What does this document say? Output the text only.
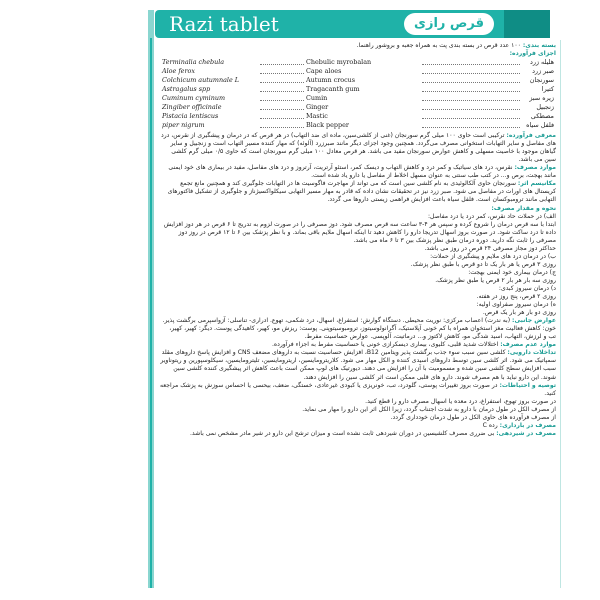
Razi tablet	قرص رازی

بسته بندی: ۱۰۰ عدد قرص در بسته بندی پت به همراه جعبه و بروشور راهنما.

اجزای فرآورده:

Terminalia chebula	Chebulic myrobalan	هلیله زرد
Aloe ferox	Cape aloes	صبر زرد
Colchicum autumnale L	Autumn crocus	سورنجان
Astragalus spp	Tragacanth gum	کتیرا
Cuminum cyminum	Cumin	زیره سبز
Zingiber officinale	Ginger	زنجبیل
Pistacia lentiscus	Mastic	مصطکی
piper nigrum	Black pepper	فلفل سیاه

معرفی فرآورده: ترکیبی است حاوی ۱۰۰ میلی گرم سورنجان (غنی از کلشی‌سین، ماده ای ضد التهاب) در هر قرص که در درمان و پیشگیری از نقرس، درد های مفاصل و سایر التهابات استخوانی مصرف می‌گردد. همچنین وجود اجزای دیگر مانند صبرزرد (آلوئه) که مهار کننده مسیر التهاب است و زنجبیل و سایر گیاهان موجود با خاصیت مسهلی و کاهش عوارض سورنجان مفید می باشد. هر قرص معادل ۱۰۰ میلی گرم سورنجان است که حاوی ۰/۵ میلی گرم کلشی سین می باشد.

موارد مصرف: نقرس، درد های سیاتیک و کمر درد و کاهش التهاب و دیسک کمر، استئو آرتریت، آرتروز و درد های مفاصل، مفید در بیماری های خود ایمنی مانند بهجت، برص و... در کتب طب سنتی به عنوان مسهل اخلاط از مفاصل یا دارو یاد شده است.

مکانیسم اثر: سورنجان حاوی آلکالوئیدی به نام کلشی سین است که می تواند از مهاجرت فاگوسیت ها در التهابات جلوگیری کند و همچنین مانع تجمع کریستال های اورات در مفاصل می شود. صبر زرد نیز در تحقیقات نشان داده که قادر به مهار مسیر التهابی سیکلواکسیژناز و جلوگیری از تشکیل فاکتورهای التهابی مانند ترومبوکسان است. فلفل سیاه باعث افزایش فراهمی زیستی داروها می گردد.

نحوه و مقدار مصرف:

الف) در حملات حاد نقرس، کمر درد یا درد مفاصل:

ابتدا با سه قرص درمان را شروع کرده و سپس هر ۴-۳ ساعت سه قرص مصرف شود. دوز مصرفی را در صورت لزوم به تدریج تا ۶ قرص در هر دوز افزایش داده تا درد ساکت شود. در صورت بروز اسهال تدریجا دارو را کاهش دهید تا اینکه اسهال ملایم باقی بماند. و با نظر پزشک بین ۶ تا ۱۲ قرص در روز دوز مصرفی را ثابت نگه دارید. دوره درمان طبق نظر پزشک بین ۳ تا ۶ ماه می باشد.

حداکثر دوز مجاز مصرفی ۲۴ قرص در روز می باشد.

ب) در درمان درد های ملایم و پیشگیری از حملات:

روزی ۳ قرص یا هر بار یک تا دو قرص با طبق نظر پزشک.

ج) درمان بیماری خود ایمنی بهجت:

روزی سه بار هر بار ۲ قرص یا طبق نظر پزشک.

د) درمان سیروز کبدی:

روزی ۲ قرص، پنج روز در هفته.

ه) درمان سیروز صفراوی اولیه:

روزی دو بار هر بار یک قرص.

عوارض جانبی: (به ندرت) اعصاب مرکزی: نوریت محیطی. دستگاه گوارش: استفراغ، اسهال، درد شکمی، تهوع. ادراری- تناسلی: آزواسپرمی برگشت پذیر. خون: کاهش فعالیت مغز استخوان همراه با کم خونی آپلاستیک، آگرانولوسیتوز، ترومبوسیتوپنی. پوست: ریزش مو، کهیر، کاهیدگی پوست. دیگر: کهیر، کهیر، تب و لرزش، التهاب، اسید شدگی مو، کاهش لاکتوز و... درماتیت، آلوپسی. عوارض حساسیت مفرط.

موارد عدم مصرف: اختلالات شدید قلبی، کلیوی، بیماری دیسکرازی خونی یا حساسیت مفرط به اجزاء فرآورده.

تداخلات دارویی: کلشی سین سبب سوء جذب برگشت پذیر ویتامین B12، افزایش حساسیت نسبت به داروهای مضعف CNS و افزایش پاسخ داروهای مقلد سمپاتیک می شود. اثر کلشی سین توسط داروهای اسیدی کننده و الکل مهار می شود. کلاریترومایسین، اریترومایسین، تلیترومایسین، سیکلوسپورین و ریتوناویر سبب افزایش سطح کلشی سین شده و مسمومیت با آن را افزایش می دهند. دیورتیک های لوپ ممکن است باعث کاهش اثر پیشگیری کننده کلشی سین شوند. این دارو نباید با هم مصرف شوند. دارو های قلبی ممکن است اثر کلشی سین را افزایش دهند.

توصیه و احتیاطات: در صورت بروز تغییرات پوستی، گلودرد، تب، خونریزی یا کبودی غیرعادی، خستگی، ضعف، بیحسی یا احساس سوزش به پزشک مراجعه کنید.

در صورت بروز تهوع، استفراغ، درد معده یا اسهال مصرف دارو را قطع کنید.

از مصرف الکل در طول درمان با دارو به شدت اجتناب گردد، زیرا الکل اثر این دارو را مهار می نماید.

از مصرف فرآورده های حاوی الکل در طول درمان خودداری گردد.

مصرف در بارداری: رده C

مصرف در شیردهی: بی ضرری مصرف کلشیسین در دوران شیردهی ثابت نشده است و میزان ترشح این دارو در شیر مادر مشخص نمی باشد.
